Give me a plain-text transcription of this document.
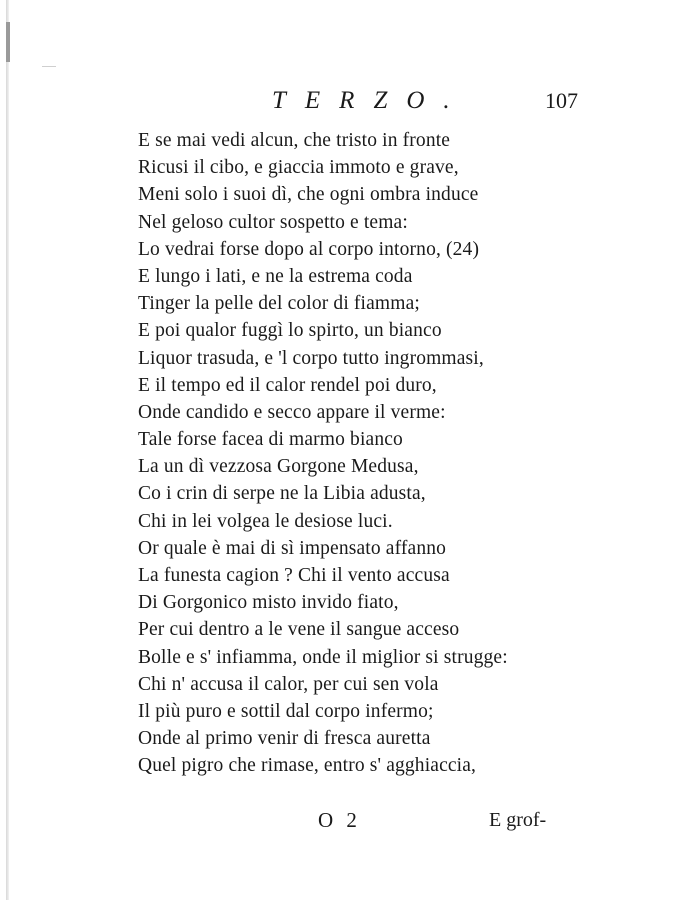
TERZO.	107
E se mai vedi alcun, che tristo in fronte
Ricusi il cibo, e giaccia immoto e grave,
Meni solo i suoi dì, che ogni ombra induce
Nel geloso cultor sospetto e tema:
Lo vedrai forse dopo al corpo intorno, (24)
E lungo i lati, e ne la estrema coda
Tinger la pelle del color di fiamma;
E poi qualor fuggì lo spirto, un bianco
Liquor trasuda, e 'l corpo tutto ingrommasi,
E il tempo ed il calor rendel poi duro,
Onde candido e secco appare il verme:
Tale forse facea di marmo bianco
La un dì vezzosa Gorgone Medusa,
Co i crin di serpe ne la Libia adusta,
Chi in lei volgea le desiose luci.
Or quale è mai di sì impensato affanno
La funesta cagion ? Chi il vento accusa
Di Gorgonico misto invido fiato,
Per cui dentro a le vene il sangue acceso
Bolle e s' infiamma, onde il miglior si strugge:
Chi n' accusa il calor, per cui sen vola
Il più puro e sottil dal corpo infermo;
Onde al primo venir di fresca auretta
Quel pigro che rimase, entro s' agghiaccia,
O 2	E grof-
